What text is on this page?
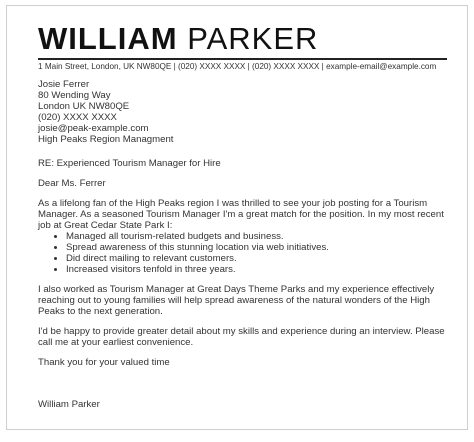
WILLIAM PARKER
1 Main Street, London, UK NW80QE | (020) XXXX XXXX | (020) XXXX XXXX | example-email@example.com

Josie Ferrer

80 Wending Way

London UK NW80QE

(020) XXXX XXXX

josie@peak-example.com

High Peaks Region Managment

RE: Experienced Tourism Manager for Hire

Dear Ms. Ferrer

As a lifelong fan of the High Peaks region I was thrilled to see your job posting for a Tourism Manager. As a seasoned Tourism Manager I'm a great match for the position. In my most recent job at Great Cedar State Park I:

• Managed all tourism-related budgets and business.
• Spread awareness of this stunning location via web initiatives.
• Did direct mailing to relevant customers.
• Increased visitors tenfold in three years.

I also worked as Tourism Manager at Great Days Theme Parks and my experience effectively reaching out to young families will help spread awareness of the natural wonders of the High Peaks to the next generation.

I'd be happy to provide greater detail about my skills and experience during an interview. Please call me at your earliest convenience.

Thank you for your valued time

William Parker
